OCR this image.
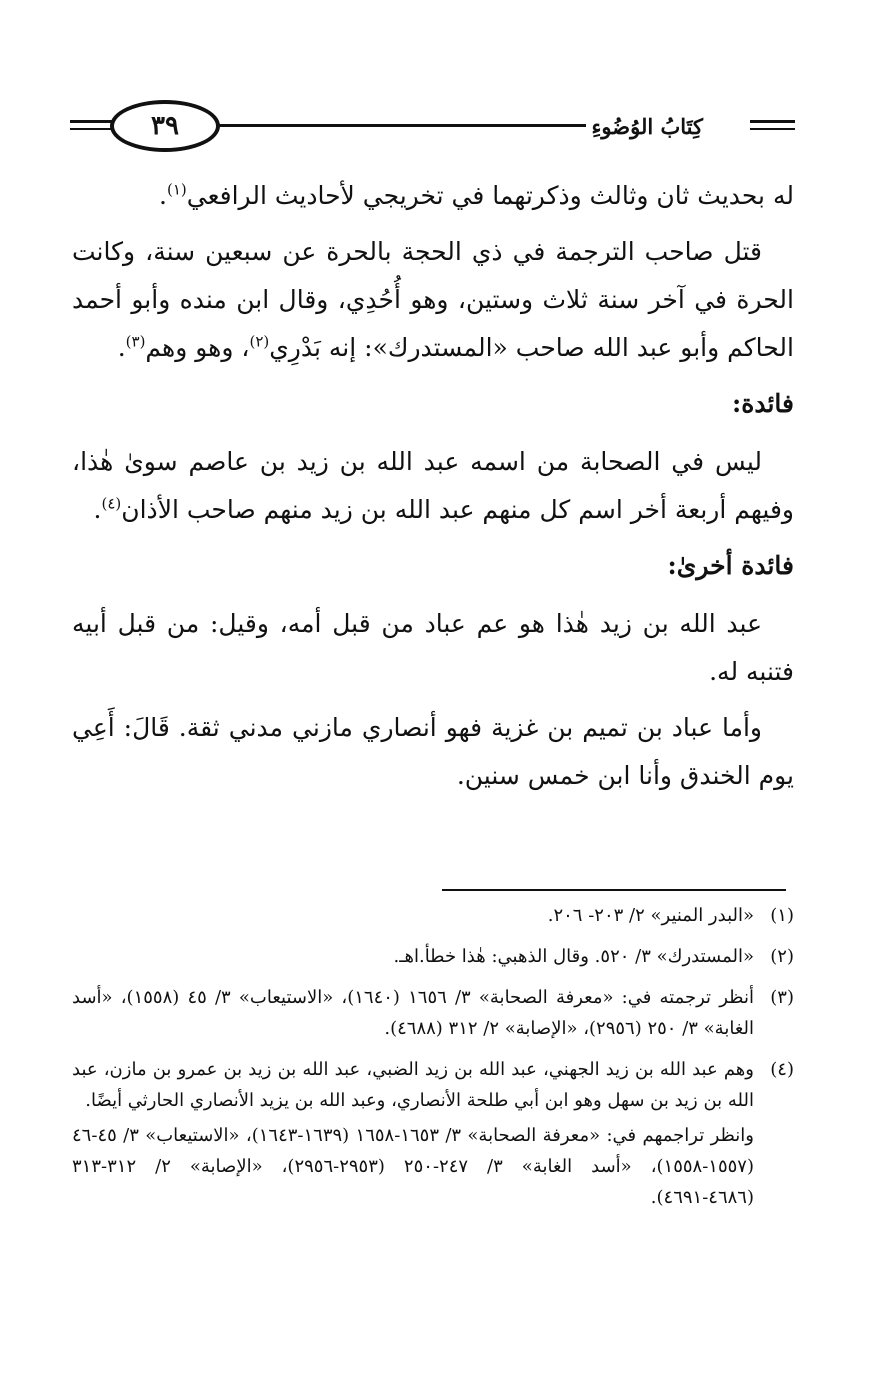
٣٩	كِتَابُ الوُضُوءِ

له بحديث ثان وثالث وذكرتهما في تخريجي لأحاديث الرافعي$^{(١)}$.

قتل صاحب الترجمة في ذي الحجة بالحرة عن سبعين سنة، وكانت الحرة في آخر سنة ثلاث وستين، وهو أُحُدِي، وقال ابن منده وأبو أحمد الحاكم وأبو عبد الله صاحب «المستدرك»: إنه بَدْرِي$^{(٢)}$، وهو وهم$^{(٣)}$.

فائدة:

ليس في الصحابة من اسمه عبد الله بن زيد بن عاصم سوىٰ هٰذا، وفيهم أربعة أخر اسم كل منهم عبد الله بن زيد منهم صاحب الأذان$^{(٤)}$.

فائدة أخرىٰ:

عبد الله بن زيد هٰذا هو عم عباد من قبل أمه، وقيل: من قبل أبيه فتنبه له.

وأما عباد بن تميم بن غزية فهو أنصاري مازني مدني ثقة. قَالَ: أَعِي يوم الخندق وأنا ابن خمس سنين.

(١)

«البدر المنير» ٢/ ٢٠٣- ٢٠٦.

(٢)

«المستدرك» ٣/ ٥٢٠. وقال الذهبي: هٰذا خطأ.اهـ.

(٣)

أنظر ترجمته في: «معرفة الصحابة» ٣/ ١٦٥٦ (١٦٤٠)، «الاستيعاب» ٣/ ٤٥ (١٥٥٨)، «أسد الغابة» ٣/ ٢٥٠ (٢٩٥٦)، «الإصابة» ٢/ ٣١٢ (٤٦٨٨).

(٤)

وهم عبد الله بن زيد الجهني، عبد الله بن زيد الضبي، عبد الله بن زيد بن عمرو بن مازن، عبد الله بن زيد بن سهل وهو ابن أبي طلحة الأنصاري، وعبد الله بن يزيد الأنصاري الحارثي أيضًا.

وانظر تراجمهم في: «معرفة الصحابة» ٣/ ١٦٥٣-١٦٥٨ (١٦٣٩-١٦٤٣)، «الاستيعاب» ٣/ ٤٥-٤٦ (١٥٥٧-١٥٥٨)، «أسد الغابة» ٣/ ٢٤٧-٢٥٠ (٢٩٥٣-٢٩٥٦)، «الإصابة» ٢/ ٣١٢-٣١٣ (٤٦٨٦-٤٦٩١).
